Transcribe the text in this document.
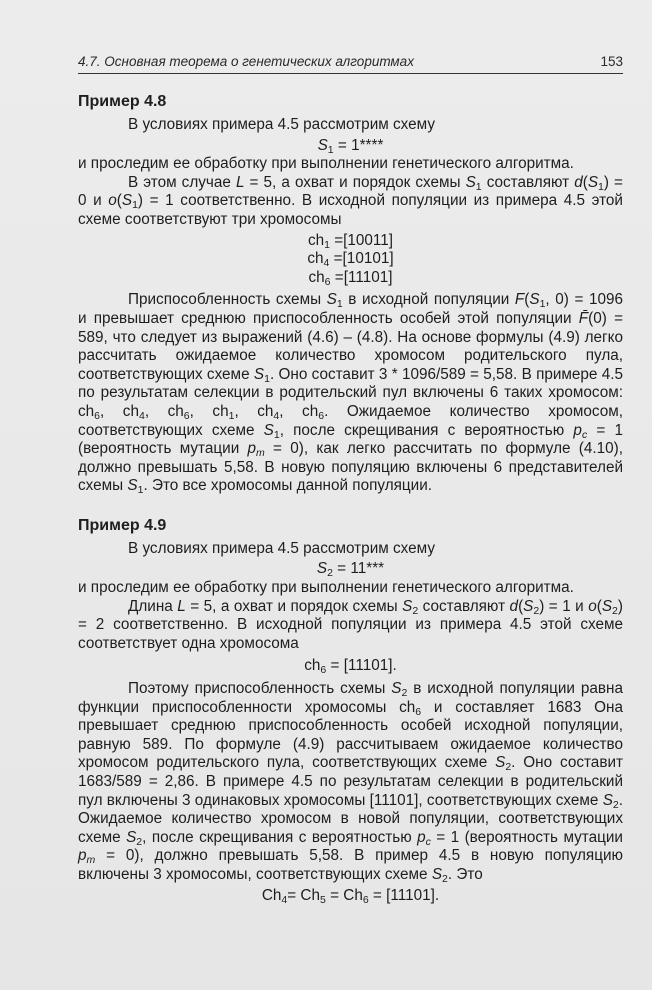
4.7. Основная теорема о генетических алгоритмах	153
Пример 4.8

В условиях примера 4.5 рассмотрим схему

$S_1 = 1****$

и проследим ее обработку при выполнении генетического алгоритма.

В этом случае L = 5, а охват и порядок схемы $S_1$ составляют $d(S_1) = 0$ и $o(S_1) = 1$ соответственно. В исходной популяции из примера 4.5 этой схеме соответствуют три хромосомы

$ch_1 =[10011]$

$ch_4 =[10101]$

$ch_6 =[11101]$

Приспособленность схемы $S_1$ в исходной популяции $F(S_1$, 0) = 1096 и превышает среднюю приспособленность особей этой популяции F̄(0) = 589, что следует из выражений (4.6) – (4.8). На основе формулы (4.9) легко рассчитать ожидаемое количество хромосом родительского пула, соответствующих схеме $S_1$. Оно составит 3 * 1096/589 = 5,58. В примере 4.5 по результатам селекции в родительский пул включены 6 таких хромосом: $ch_6$, $ch_4$, $ch_6$, $ch_1$, $ch_4$, $ch_6$. Ожидаемое количество хромосом, соответствующих схеме $S_1$, после скрещивания с вероятностью $p_c = 1$ (вероятность мутации $p_m = 0$), как легко рассчитать по формуле (4.10), должно превышать 5,58. В новую популяцию включены 6 представителей схемы $S_1$. Это все хромосомы данной популяции.

Пример 4.9

В условиях примера 4.5 рассмотрим схему

$S_2 = 11***$

и проследим ее обработку при выполнении генетического алгоритма.

Длина L = 5, а охват и порядок схемы $S_2$ составляют $d(S_2) = 1$ и $o(S_2) = 2$ соответственно. В исходной популяции из примера 4.5 этой схеме соответствует одна хромосома

$ch_6 = [11101]$.

Поэтому приспособленность схемы $S_2$ в исходной популяции равна функции приспособленности хромосомы $ch_6$ и составляет 1683 Она превышает среднюю приспособленность особей исходной популяции, равную 589. По формуле (4.9) рассчитываем ожидаемое количество хромосом родительского пула, соответствующих схеме $S_2$. Оно составит 1683/589 = 2,86. В примере 4.5 по результатам селекции в родительский пул включены 3 одинаковых хромосомы [11101], соответствующих схеме $S_2$. Ожидаемое количество хромосом в новой популяции, соответствующих схеме $S_2$, после скрещивания с вероятностью $p_c = 1$ (вероятность мутации $p_m = 0$), должно превышать 5,58. В пример 4.5 в новую популяцию включены 3 хромосомы, соответствующих схеме $S_2$. Это

$Ch_4= Ch_5 = Ch_6 = [11101]$.
